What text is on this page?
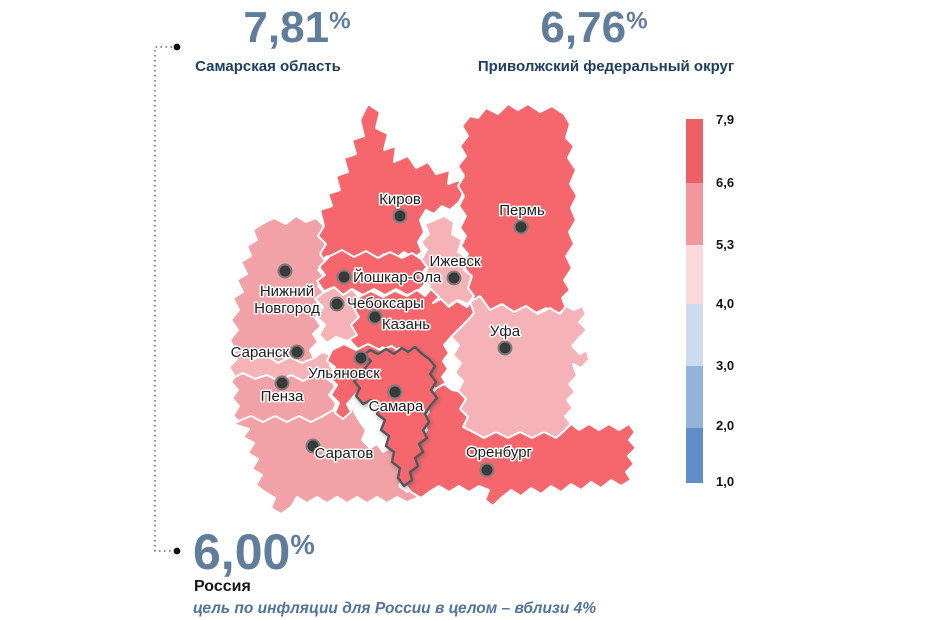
7,81%
Самарская область
6,76%
Приволжский федеральный округ
6,00%
Россия
цель по инфляции для России в целом – вблизи 4%
Киров
Пермь
Ижевск
Йошкар-Ола
Нижний
Новгород Чебоксары
Казань	Уфа
Саранск
Ульяновск
Пенза
Самара
Саратов	Оренбург
7,9
6,6
5,3
4,0
3,0
2,0
1,0
